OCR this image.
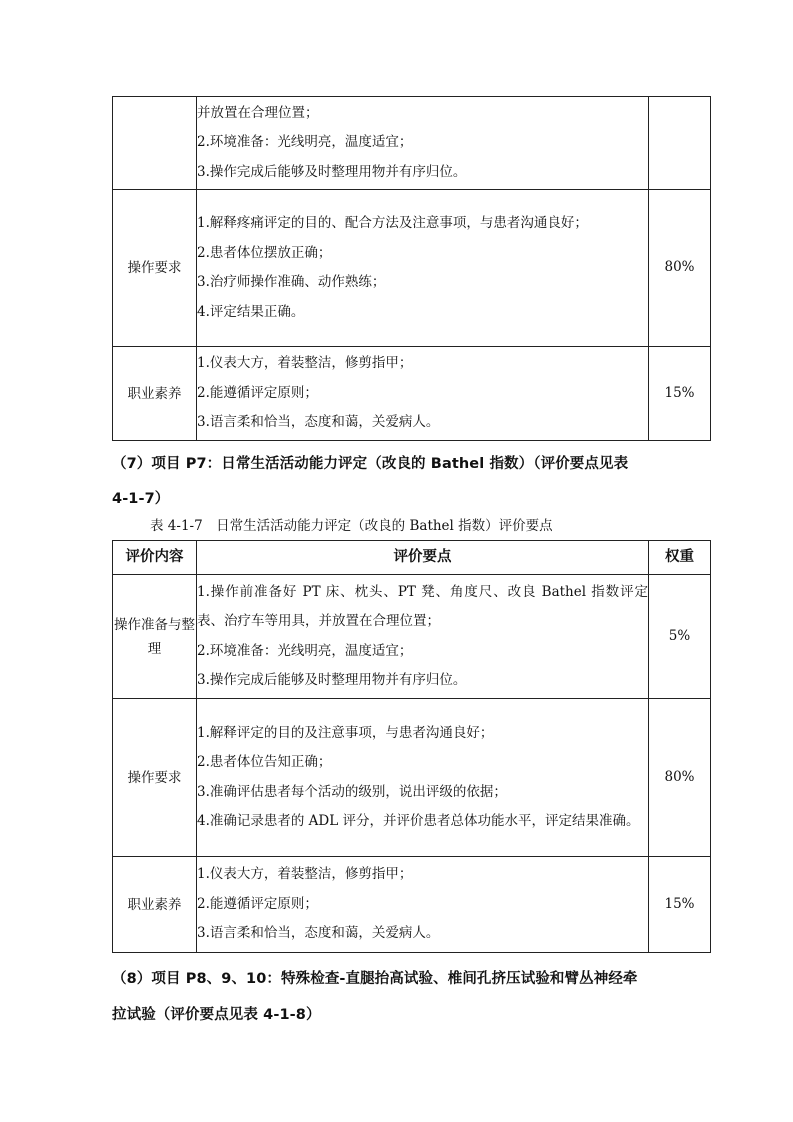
	并放置在合理位置；
2.环境准备：光线明亮，温度适宜；
3.操作完成后能够及时整理用物并有序归位。	

操作要求	1.解释疼痛评定的目的、配合方法及注意事项，与患者沟通良好；
2.患者体位摆放正确；
3.治疗师操作准确、动作熟练；
4.评定结果正确。	80%
职业素养	1.仪表大方，着装整洁，修剪指甲；
2.能遵循评定原则；
3.语言柔和恰当，态度和蔼，关爱病人。	15%
（7）项目 P7：日常生活活动能力评定（改良的 Bathel 指数）（评价要点见表
4-1-7）
表 4-1-7　日常生活活动能力评定（改良的 Bathel 指数）评价要点
评价内容	评价要点	权重
操作准备与整理	1.操作前准备好 PT 床、枕头、PT 凳、角度尺、改良 Bathel 指数评定表、治疗车等用具，并放置在合理位置；
2.环境准备：光线明亮，温度适宜；
3.操作完成后能够及时整理用物并有序归位。	5%
操作要求	1.解释评定的目的及注意事项，与患者沟通良好；
2.患者体位告知正确；
3.准确评估患者每个活动的级别，说出评级的依据；
4.准确记录患者的 ADL 评分，并评价患者总体功能水平，评定结果准确。	80%
职业素养	1.仪表大方，着装整洁，修剪指甲；
2.能遵循评定原则；
3.语言柔和恰当，态度和蔼，关爱病人。	15%
（8）项目 P8、9、10：特殊检查-直腿抬高试验、椎间孔挤压试验和臂丛神经牵
拉试验（评价要点见表 4-1-8）
